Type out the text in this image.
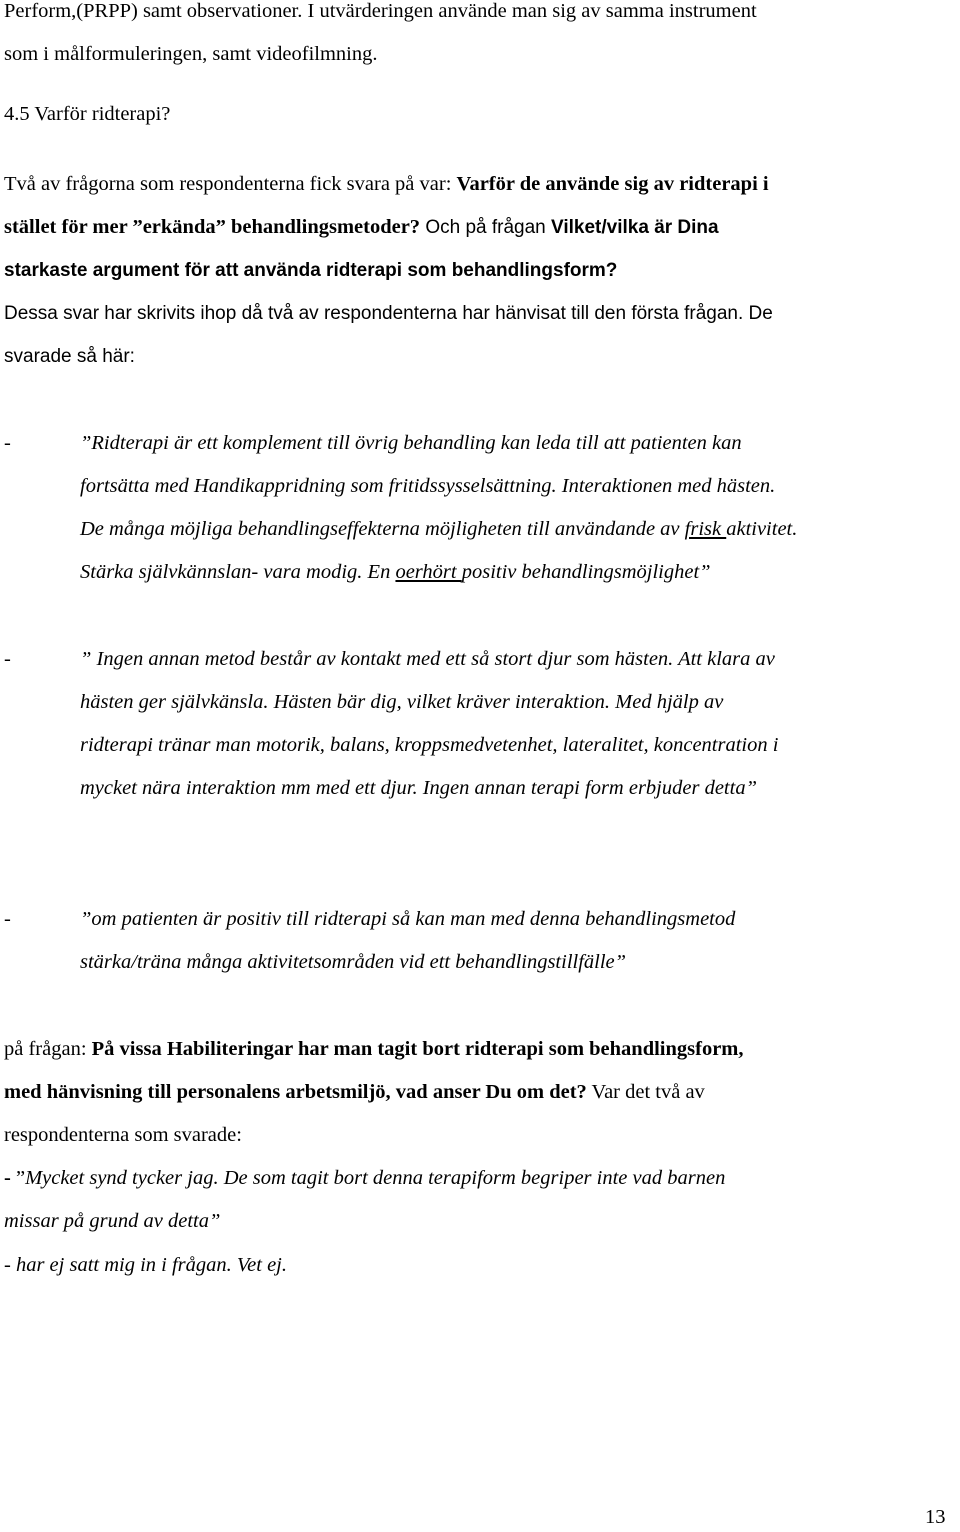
Perform,(PRPP) samt observationer. I utvärderingen använde man sig av samma instrument

som i målformuleringen, samt videofilmning.

4.5 Varför ridterapi?

Två av frågorna som respondenterna fick svara på var: Varför de använde sig av ridterapi i

stället för mer ”erkända” behandlingsmetoder? Och på frågan Vilket/vilka är Dina

starkaste argument för att använda ridterapi som behandlingsform?

Dessa svar har skrivits ihop då två av respondenterna har hänvisat till den första frågan. De

svarade så här:

-	”Ridterapi är ett komplement till övrig behandling kan leda till att patienten kan

fortsätta med Handikappridning som fritidssysselsättning. Interaktionen med hästen.

De många möjliga behandlingseffekterna möjligheten till användande av frisk aktivitet.

Stärka självkännslan- vara modig. En oerhört positiv behandlingsmöjlighet”

-	” Ingen annan metod består av kontakt med ett så stort djur som hästen. Att klara av

hästen ger självkänsla. Hästen bär dig, vilket kräver interaktion. Med hjälp av

ridterapi tränar man motorik, balans, kroppsmedvetenhet, lateralitet, koncentration i

mycket nära interaktion mm med ett djur. Ingen annan terapi form erbjuder detta”

-	”om patienten är positiv till ridterapi så kan man med denna behandlingsmetod

stärka/träna många aktivitetsområden vid ett behandlingstillfälle”

på frågan: På vissa Habiliteringar har man tagit bort ridterapi som behandlingsform,

med hänvisning till personalens arbetsmiljö, vad anser Du om det? Var det två av

respondenterna som svarade:

- ”Mycket synd tycker jag. De som tagit bort denna terapiform begriper inte vad barnen

missar på grund av detta”

- har ej satt mig in i frågan. Vet ej.

13
